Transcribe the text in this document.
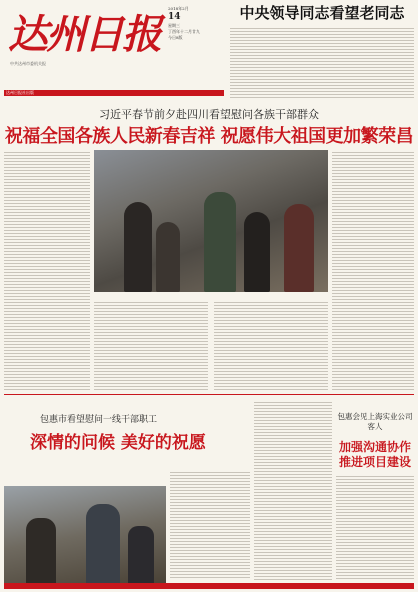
达州日报
中共达州市委机关报
达州日报社出版
2018年2月
14
星期三
丁酉年十二月廿九
今日8版
中央领导同志看望老同志
习近平春节前夕赴四川看望慰问各族干部群众
祝福全国各族人民新春吉祥 祝愿伟大祖国更加繁荣昌
包惠市看望慰问一线干部职工
深情的问候 美好的祝愿
包惠会见上海实业公司客人
加强沟通协作 推进项目建设
